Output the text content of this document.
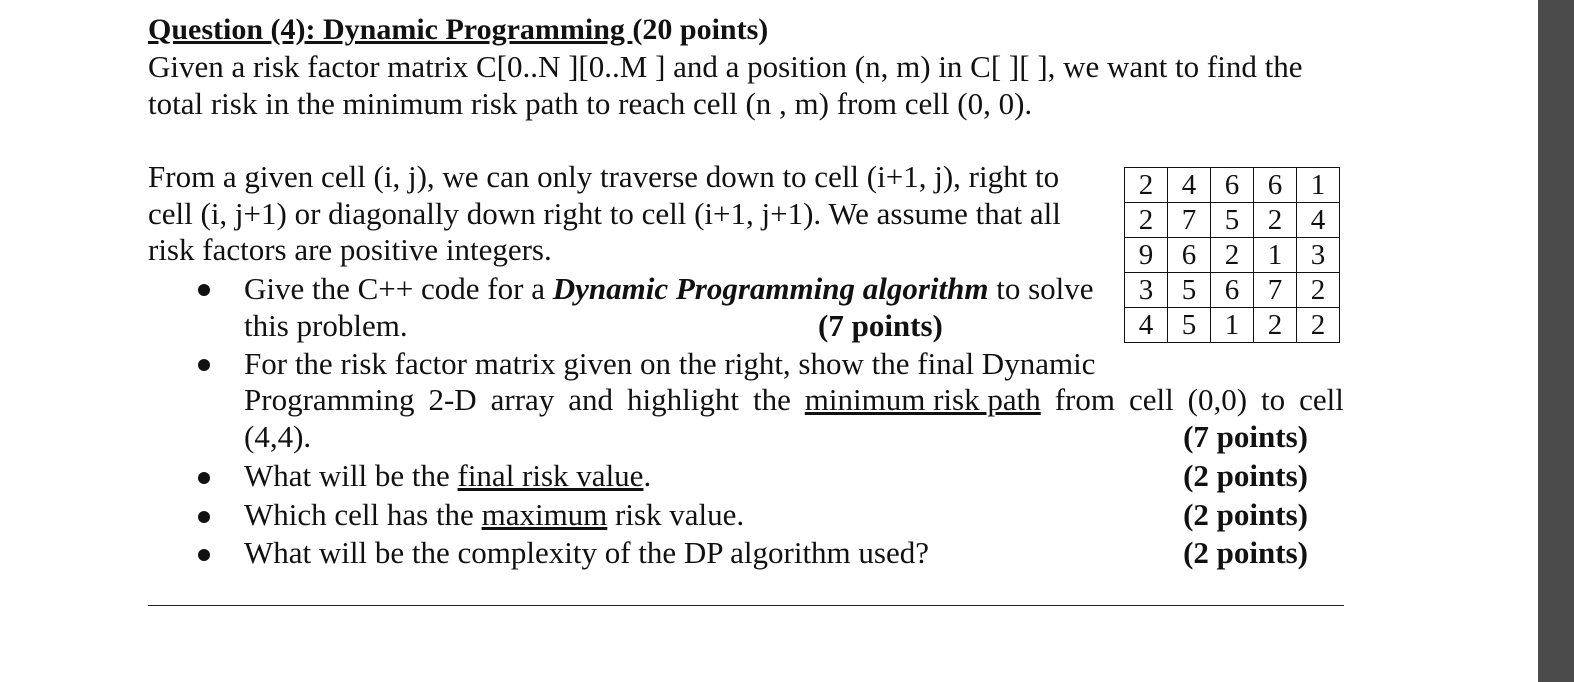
Question (4): Dynamic Programming (20 points)
Given a risk factor matrix C[0..N ][0..M ] and a position (n, m) in C[ ][ ], we want to find the
total risk in the minimum risk path to reach cell (n , m) from cell (0, 0).
From a given cell (i, j), we can only traverse down to cell (i+1, j), right to
cell (i, j+1) or diagonally down right to cell (i+1, j+1). We assume that all
risk factors are positive integers.
2	4	6	6	1
2	7	5	2	4
9	6	2	1	3
3	5	6	7	2
4	5	1	2	2
Give the C++ code for a Dynamic Programming algorithm to solve
this problem.	(7 points)
For the risk factor matrix given on the right, show the final Dynamic
Programming 2-D array and highlight the minimum risk path from cell (0,0) to cell
(4,4).	(7 points)
What will be the final risk value.	(2 points)
Which cell has the maximum risk value.	(2 points)
What will be the complexity of the DP algorithm used?	(2 points)
